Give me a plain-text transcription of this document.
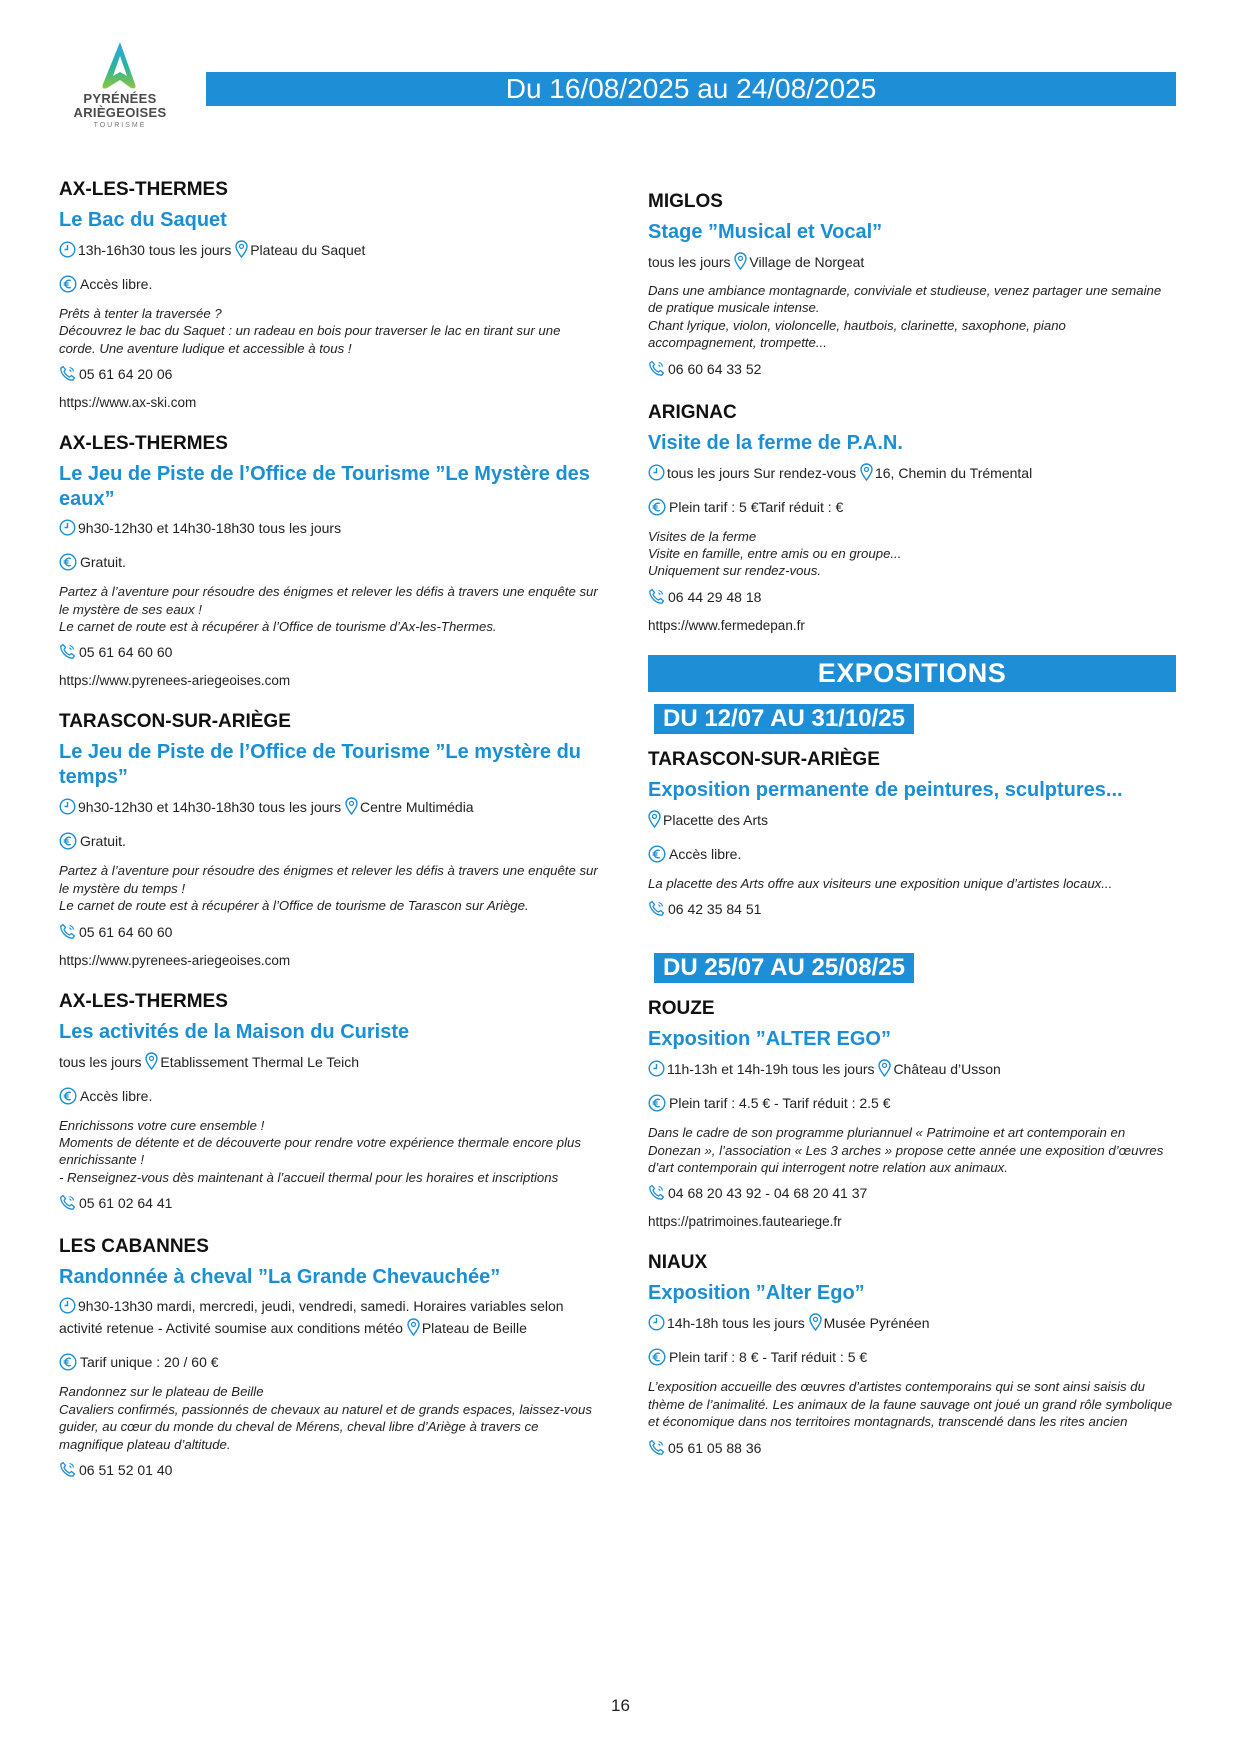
PYRÉNÉES
ARIÈGEOISES
TOURISME
Du 16/08/2025 au 24/08/2025
AX-LES-THERMES
Le Bac du Saquet
13h-16h30 tous les jours Plateau du Saquet
Accès libre.
Prêts à tenter la traversée ?
Découvrez le bac du Saquet : un radeau en bois pour traverser le lac en tirant sur une corde. Une aventure ludique et accessible à tous !
05 61 64 20 06
https://www.ax-ski.com
AX-LES-THERMES
Le Jeu de Piste de l’Office de Tourisme ”Le Mystère des eaux”
9h30-12h30 et 14h30-18h30 tous les jours
Gratuit.
Partez à l’aventure pour résoudre des énigmes et relever les défis à travers une enquête sur le mystère de ses eaux !
Le carnet de route est à récupérer à l’Office de tourisme d’Ax-les-Thermes.
05 61 64 60 60
https://www.pyrenees-ariegeoises.com
TARASCON-SUR-ARIÈGE
Le Jeu de Piste de l’Office de Tourisme ”Le mystère du temps”
9h30-12h30 et 14h30-18h30 tous les jours Centre Multimédia
Gratuit.
Partez à l’aventure pour résoudre des énigmes et relever les défis à travers une enquête sur le mystère du temps !
Le carnet de route est à récupérer à l’Office de tourisme de Tarascon sur Ariège.
05 61 64 60 60
https://www.pyrenees-ariegeoises.com
AX-LES-THERMES
Les activités de la Maison du Curiste
tous les jours Etablissement Thermal Le Teich
Accès libre.
Enrichissons votre cure ensemble !
Moments de détente et de découverte pour rendre votre expérience thermale encore plus enrichissante !
- Renseignez-vous dès maintenant à l’accueil thermal pour les horaires et inscriptions
05 61 02 64 41
LES CABANNES
Randonnée à cheval ”La Grande Chevauchée”
9h30-13h30 mardi, mercredi, jeudi, vendredi, samedi. Horaires variables selon activité retenue - Activité soumise aux conditions météo Plateau de Beille
Tarif unique : 20 / 60 €
Randonnez sur le plateau de Beille
Cavaliers confirmés, passionnés de chevaux au naturel et de grands espaces, laissez-vous guider, au cœur du monde du cheval de Mérens, cheval libre d’Ariège à travers ce magnifique plateau d’altitude.
06 51 52 01 40
MIGLOS
Stage ”Musical et Vocal”
tous les jours Village de Norgeat
Dans une ambiance montagnarde, conviviale et studieuse, venez partager une semaine de pratique musicale intense.
Chant lyrique, violon, violoncelle, hautbois, clarinette, saxophone, piano accompagnement, trompette...
06 60 64 33 52
ARIGNAC
Visite de la ferme de P.A.N.
tous les jours Sur rendez-vous 16, Chemin du Trémental
Plein tarif : 5 €Tarif réduit : €
Visites de la ferme
Visite en famille, entre amis ou en groupe...
Uniquement sur rendez-vous.
06 44 29 48 18
https://www.fermedepan.fr
EXPOSITIONS
DU 12/07 AU 31/10/25
TARASCON-SUR-ARIÈGE
Exposition permanente de peintures, sculptures...
Placette des Arts
Accès libre.
La placette des Arts offre aux visiteurs une exposition unique d’artistes locaux...
06 42 35 84 51
DU 25/07 AU 25/08/25
ROUZE
Exposition ”ALTER EGO”
11h-13h et 14h-19h tous les jours Château d’Usson
Plein tarif : 4.5 € - Tarif réduit : 2.5 €
Dans le cadre de son programme pluriannuel « Patrimoine et art contemporain en Donezan », l’association « Les 3 arches » propose cette année une exposition d’œuvres d’art contemporain qui interrogent notre relation aux animaux.
04 68 20 43 92 - 04 68 20 41 37
https://patrimoines.fauteariege.fr
NIAUX
Exposition ”Alter Ego”
14h-18h tous les jours Musée Pyrénéen
Plein tarif : 8 € - Tarif réduit : 5 €
L’exposition accueille des œuvres d’artistes contemporains qui se sont ainsi saisis du thème de l’animalité. Les animaux de la faune sauvage ont joué un grand rôle symbolique et économique dans nos territoires montagnards, transcendé dans les rites ancien
05 61 05 88 36
16
